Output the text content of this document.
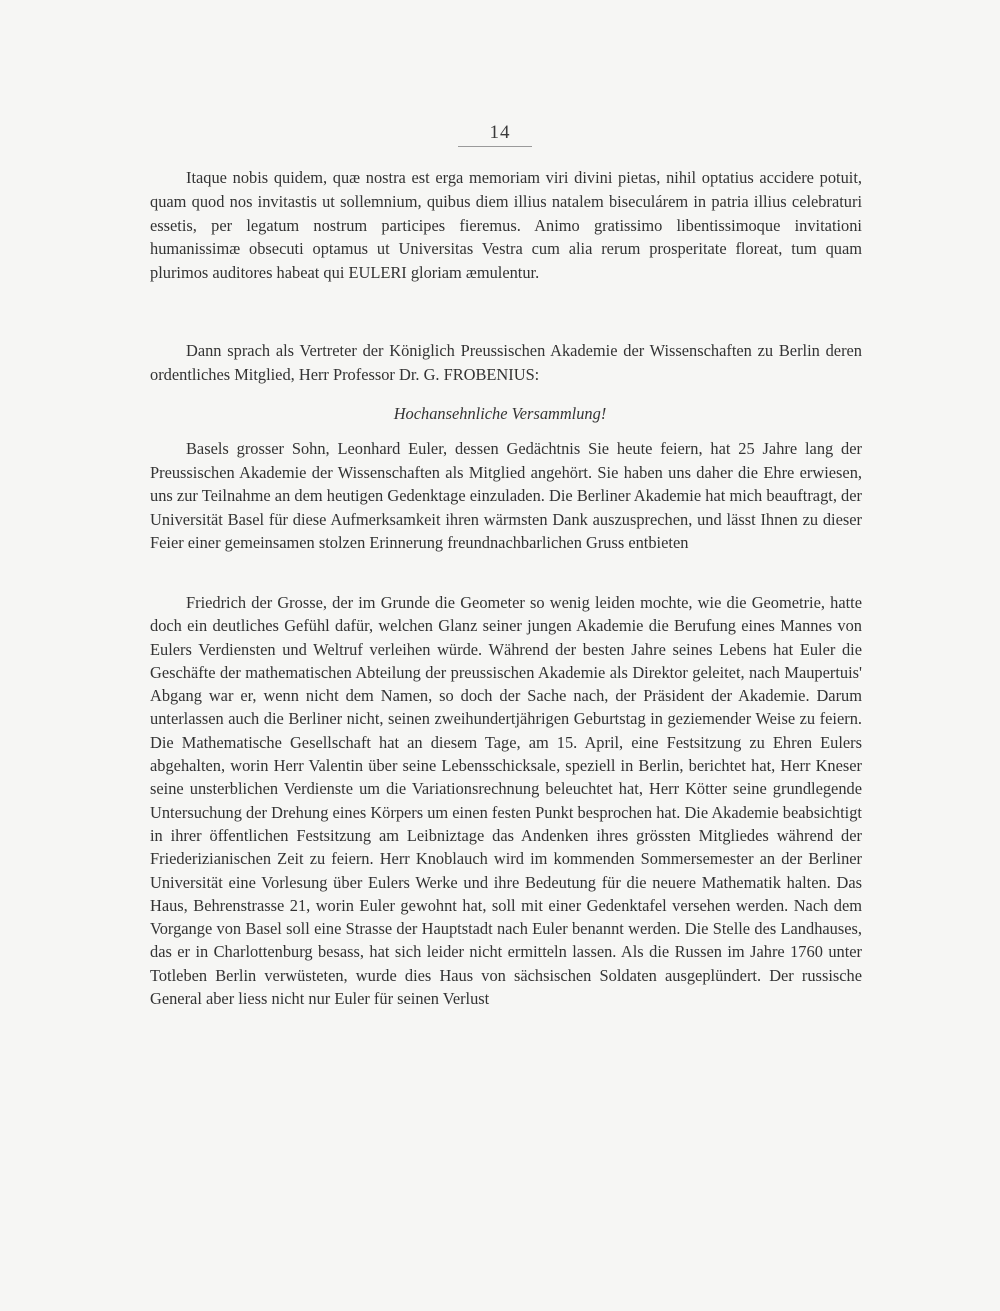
14

Itaque nobis quidem, quæ nostra est erga memoriam viri divini pietas, nihil optatius accidere potuit, quam quod nos invitastis ut sollemnium, quibus diem illius natalem biseculárem in patria illius celebraturi essetis, per legatum nostrum participes fieremus. Animo gratissimo libentissimoque invitationi humanissimæ obsecuti optamus ut Universitas Vestra cum alia rerum prosperitate floreat, tum quam plurimos auditores habeat qui EULERI gloriam æmulentur.

Dann sprach als Vertreter der Königlich Preussischen Akademie der Wissenschaften zu Berlin deren ordentliches Mitglied, Herr Professor Dr. G. FROBENIUS:

Hochansehnliche Versammlung!

Basels grosser Sohn, Leonhard Euler, dessen Gedächtnis Sie heute feiern, hat 25 Jahre lang der Preussischen Akademie der Wissenschaften als Mitglied angehört. Sie haben uns daher die Ehre erwiesen, uns zur Teilnahme an dem heutigen Gedenktage einzuladen. Die Berliner Akademie hat mich beauftragt, der Universität Basel für diese Aufmerksamkeit ihren wärmsten Dank auszusprechen, und lässt Ihnen zu dieser Feier einer gemeinsamen stolzen Erinnerung freundnachbarlichen Gruss entbieten

Friedrich der Grosse, der im Grunde die Geometer so wenig leiden mochte, wie die Geometrie, hatte doch ein deutliches Gefühl dafür, welchen Glanz seiner jungen Akademie die Berufung eines Mannes von Eulers Verdiensten und Weltruf verleihen würde. Während der besten Jahre seines Lebens hat Euler die Geschäfte der mathematischen Abteilung der preussischen Akademie als Direktor geleitet, nach Maupertuis' Abgang war er, wenn nicht dem Namen, so doch der Sache nach, der Präsident der Akademie. Darum unterlassen auch die Berliner nicht, seinen zweihundertjährigen Geburtstag in geziemender Weise zu feiern. Die Mathematische Gesellschaft hat an diesem Tage, am 15. April, eine Festsitzung zu Ehren Eulers abgehalten, worin Herr Valentin über seine Lebensschicksale, speziell in Berlin, berichtet hat, Herr Kneser seine unsterblichen Verdienste um die Variationsrechnung beleuchtet hat, Herr Kötter seine grundlegende Untersuchung der Drehung eines Körpers um einen festen Punkt besprochen hat. Die Akademie beabsichtigt in ihrer öffentlichen Festsitzung am Leibniztage das Andenken ihres grössten Mitgliedes während der Friederizianischen Zeit zu feiern. Herr Knoblauch wird im kommenden Sommersemester an der Berliner Universität eine Vorlesung über Eulers Werke und ihre Bedeutung für die neuere Mathematik halten. Das Haus, Behrenstrasse 21, worin Euler gewohnt hat, soll mit einer Gedenktafel versehen werden. Nach dem Vorgange von Basel soll eine Strasse der Hauptstadt nach Euler benannt werden. Die Stelle des Landhauses, das er in Charlottenburg besass, hat sich leider nicht ermitteln lassen. Als die Russen im Jahre 1760 unter Totleben Berlin verwüsteten, wurde dies Haus von sächsischen Soldaten ausgeplündert. Der russische General aber liess nicht nur Euler für seinen Verlust
